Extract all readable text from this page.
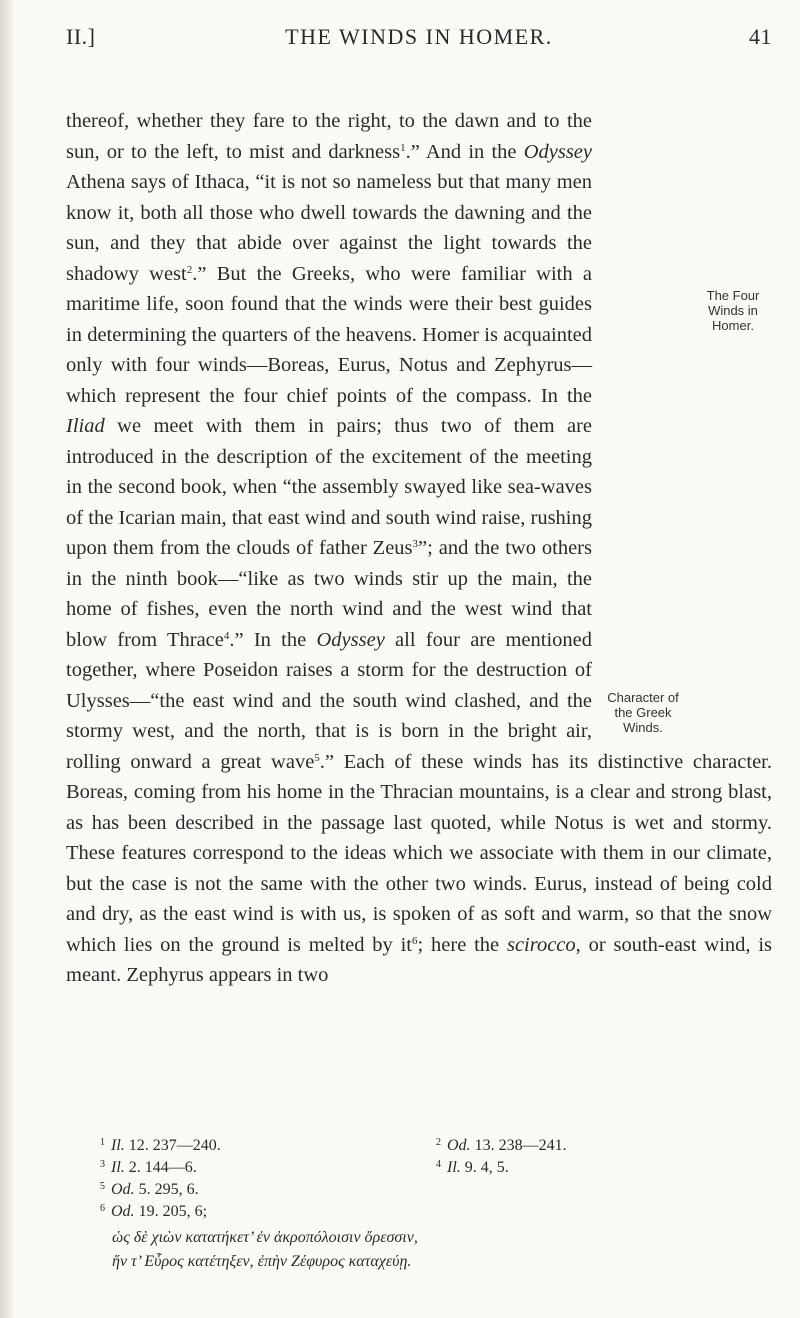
II.]	THE WINDS IN HOMER.	41
The Four Winds in Homer.
Character of the Greek Winds.

thereof, whether they fare to the right, to the dawn and to the sun, or to the left, to mist and darkness$^1$.” And in the Odyssey Athena says of Ithaca, “it is not so nameless but that many men know it, both all those who dwell towards the dawning and the sun, and they that abide over against the light towards the shadowy west$^2$.” But the Greeks, who were familiar with a maritime life, soon found that the winds were their best guides in determining the quarters of the heavens. Homer is acquainted only with four winds—Boreas, Eurus, Notus and Zephyrus—which represent the four chief points of the compass. In the Iliad we meet with them in pairs; thus two of them are introduced in the description of the excitement of the meeting in the second book, when “the assembly swayed like sea-waves of the Icarian main, that east wind and south wind raise, rushing upon them from the clouds of father Zeus$^3$”; and the two others in the ninth book—“like as two winds stir up the main, the home of fishes, even the north wind and the west wind that blow from Thrace$^4$.” In the Odyssey all four are mentioned together, where Poseidon raises a storm for the destruction of Ulysses—“the east wind and the south wind clashed, and the stormy west, and the north, that is is born in the bright air, rolling onward a great wave$^5$.” Each of these winds has its distinctive character. Boreas, coming from his home in the Thracian mountains, is a clear and strong blast, as has been described in the passage last quoted, while Notus is wet and stormy. These features correspond to the ideas which we associate with them in our climate, but the case is not the same with the other two winds. Eurus, instead of being cold and dry, as the east wind is with us, is spoken of as soft and warm, so that the snow which lies on the ground is melted by $it^6$; here the scirocco, or south-east wind, is meant. Zephyrus appears in two

$^1$ Il. 12. 237—240.	$^2$ Od. 13. 238—241.
$^3$ Il. 2. 144—6.	$^4$ Il. 9. 4, 5.
$^5$ Od. 5. 295, 6.
$^6$ Od. 19. 205, 6;
ὡς δὲ χιὼν κατατήκετ’ ἐν ἀκροπόλοισιν ὄρεσσιν,
ἥν τ’ Εὖρος κατέτηξεν, ἐπὴν Ζέφυρος καταχεύῃ.
